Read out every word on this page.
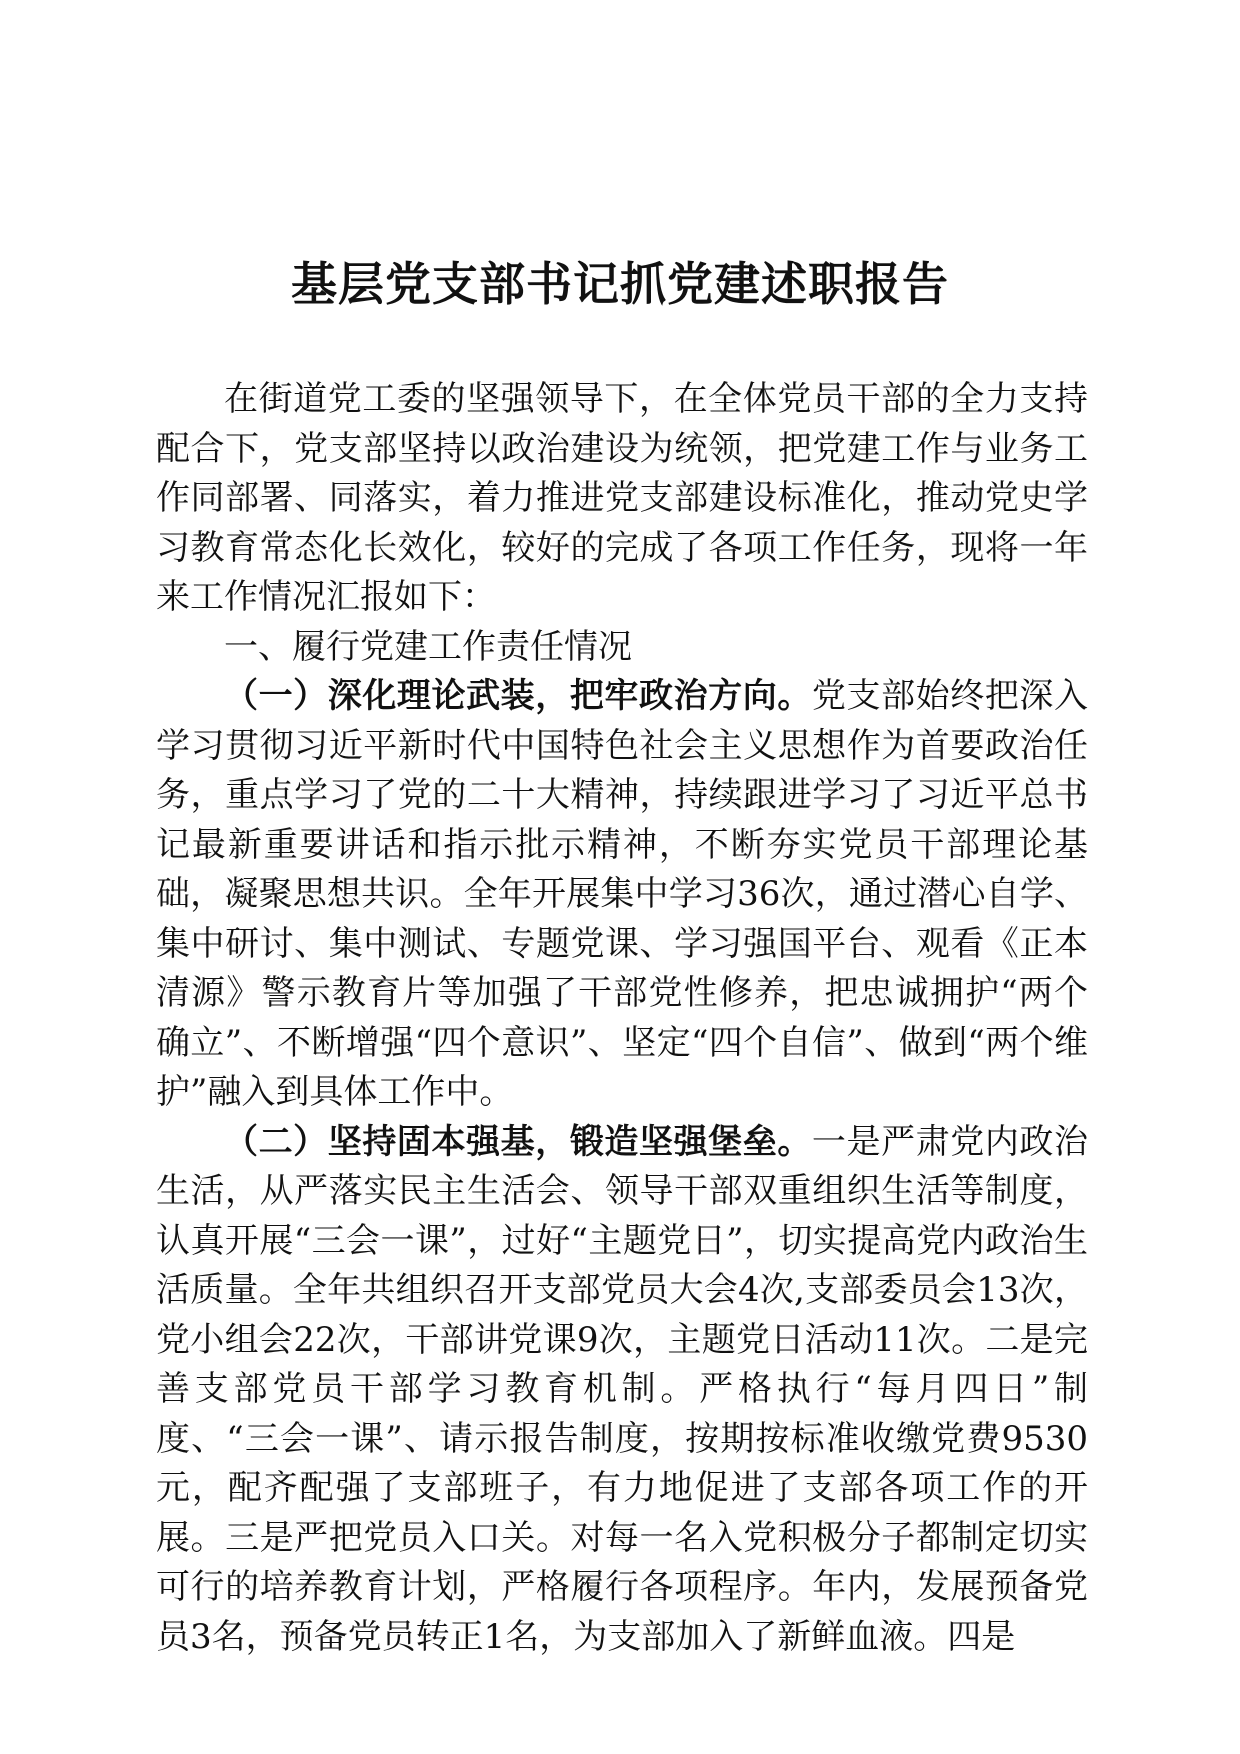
基层党支部书记抓党建述职报告

在街道党工委的坚强领导下，在全体党员干部的全力支持配合下，党支部坚持以政治建设为统领，把党建工作与业务工作同部署、同落实，着力推进党支部建设标准化，推动党史学习教育常态化长效化，较好的完成了各项工作任务，现将一年来工作情况汇报如下：

一、履行党建工作责任情况

（一）深化理论武装，把牢政治方向。党支部始终把深入学习贯彻习近平新时代中国特色社会主义思想作为首要政治任务，重点学习了党的二十大精神，持续跟进学习了习近平总书记最新重要讲话和指示批示精神，不断夯实党员干部理论基础，凝聚思想共识。全年开展集中学习36次，通过潜心自学、集中研讨、集中测试、专题党课、学习强国平台、观看《正本清源》警示教育片等加强了干部党性修养，把忠诚拥护“两个确立”、不断增强“四个意识”、坚定“四个自信”、做到“两个维护”融入到具体工作中。

（二）坚持固本强基，锻造坚强堡垒。一是严肃党内政治生活，从严落实民主生活会、领导干部双重组织生活等制度，认真开展“三会一课”，过好“主题党日”，切实提高党内政治生活质量。全年共组织召开支部党员大会4次,支部委员会13次，党小组会22次，干部讲党课9次，主题党日活动11次。二是完善支部党员干部学习教育机制。严格执行“每月四日”制度、“三会一课”、请示报告制度，按期按标准收缴党费9530元，配齐配强了支部班子，有力地促进了支部各项工作的开展。三是严把党员入口关。对每一名入党积极分子都制定切实可行的培养教育计划，严格履行各项程序。年内，发展预备党员3名，预备党员转正1名，为支部加入了新鲜血液。四是
